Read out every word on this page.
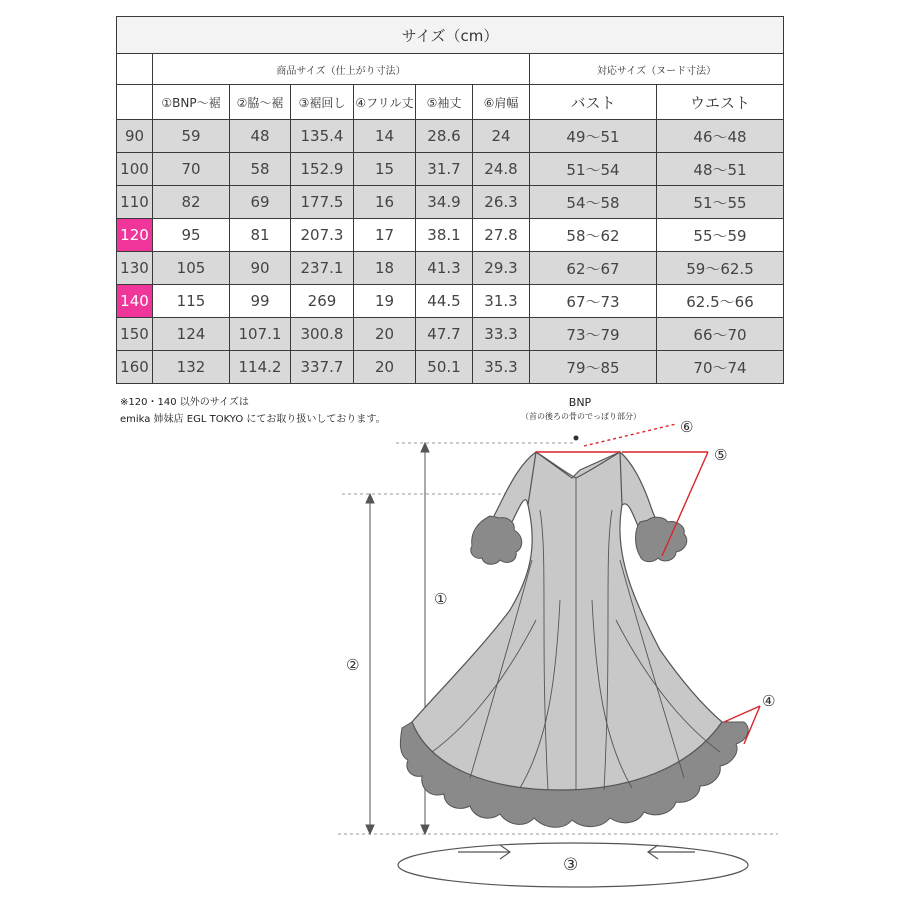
サイズ（cm）								
	商品サイズ（仕上がり寸法）						対応サイズ（ヌード寸法）	
	①BNP〜裾	②脇〜裾	③裾回し	④フリル丈	⑤袖丈	⑥肩幅	バスト	ウエスト
90	59	48	135.4	14	28.6	24	49〜51	46〜48
100	70	58	152.9	15	31.7	24.8	51〜54	48〜51
110	82	69	177.5	16	34.9	26.3	54〜58	51〜55
120	95	81	207.3	17	38.1	27.8	58〜62	55〜59
130	105	90	237.1	18	41.3	29.3	62〜67	59〜62.5
140	115	99	269	19	44.5	31.3	67〜73	62.5〜66
150	124	107.1	300.8	20	47.7	33.3	73〜79	66〜70
160	132	114.2	337.7	20	50.1	35.3	79〜85	70〜74
※120・140 以外のサイズは
emika 姉妹店 EGL TOKYO にてお取り扱いしております。
BNP
（首の後ろの骨のでっぱり部分）
①
②
③
④
⑤
⑥
